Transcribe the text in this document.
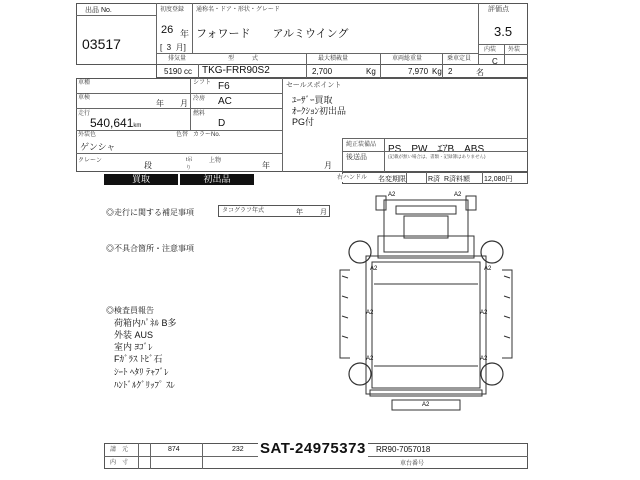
出品 No.
03517
初度登録
26 年
[  3 月]
通称名・ドア・形状・グレード
フォワード　　アルミウイング
評価点
3.5
内装 外装
C
排気量	型　　　式	最大積載量	車両総重量	乗車定員
5190 cc TKG-FRR90S2	2,700	Kg	7,970 Kg 2	名
車種	シフト F6
車検
年 月 冷房 AC
走行
540,641km
燃料
D
外装色	色替 カラーNo.
ゲンシャ
クレーン	段
t吊り
上物	年	月
セールスポイント
ﾕｰｻﾞｰ買取
ｵｰｸｼｮﾝ初出品
PG付
純正装備品 PS　PW　ｴｱB　ABS
後送品	(記載が無い場合は、書類・記録簿はありません)
買取	初出品	右ハンドル 名変期限	R済 R済料額 12,080円
◎走行に関する補足事項	タコグラフ年式	年 月
◎不具合箇所・注意事項
◎検査員報告
荷箱内ﾊﾟﾈﾙ B多
外装 AUS
室内 ﾖｺﾞﾚ
Fｶﾞﾗｽ ﾄﾋﾞ石
ｼｰﾄ ﾍﾀﾘ ﾃｬﾌﾞﾚ
ﾊﾝﾄﾞﾙｸﾞﾘｯﾌﾟ ｽﾚ
A2	A2
A2	A2
A2	A2
A2	A2
A2
請　元
内　寸
874	232	RR90-7057018
車台番号
SAT-24975373
